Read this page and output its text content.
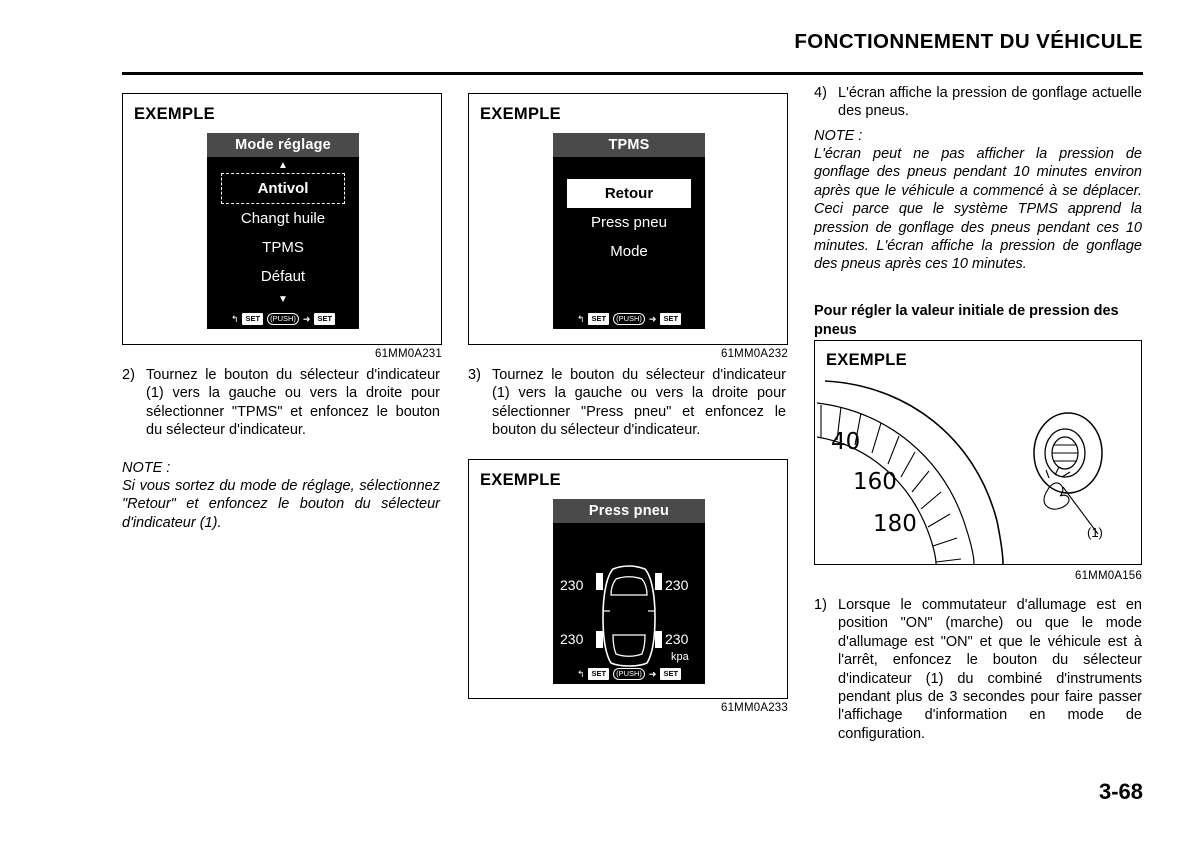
FONCTIONNEMENT DU VÉHICULE
EXEMPLE
Mode réglage
▲
Antivol
Changt huile
TPMS
Défaut
▼
↰ SET	(PUSH) ➜ SET
61MM0A231
2) Tournez le bouton du sélecteur d'indicateur (1) vers la gauche ou vers la droite pour sélectionner "TPMS" et enfoncez le bouton du sélecteur d'indicateur.
NOTE :
Si vous sortez du mode de réglage, sélectionnez "Retour" et enfoncez le bouton du sélecteur d'indicateur (1).
EXEMPLE
TPMS
Retour
Press pneu
Mode
↰ SET	(PUSH) ➜ SET
61MM0A232
3) Tournez le bouton du sélecteur d'indicateur (1) vers la gauche ou vers la droite pour sélectionner "Press pneu" et enfoncez le bouton du sélecteur d'indicateur.
EXEMPLE
Press pneu
230	230
230	230
kpa
↰ SET	(PUSH) ➜ SET
61MM0A233
4) L'écran affiche la pression de gonflage actuelle des pneus.
NOTE :
L'écran peut ne pas afficher la pression de gonflage des pneus pendant 10 minutes environ après que le véhicule a commencé à se déplacer. Ceci parce que le système TPMS apprend la pression de gonflage des pneus pendant ces 10 minutes. L'écran affiche la pression de gonflage des pneus après ces 10 minutes.
Pour régler la valeur initiale de pression des pneus
EXEMPLE
40
160
180	(1)
61MM0A156
1) Lorsque le commutateur d'allumage est en position "ON" (marche) ou que le mode d'allumage est "ON" et que le véhicule est à l'arrêt, enfoncez le bouton du sélecteur d'indicateur (1) du combiné d'instruments pendant plus de 3 secondes pour faire passer l'affichage d'information en mode de configuration.
3-68
